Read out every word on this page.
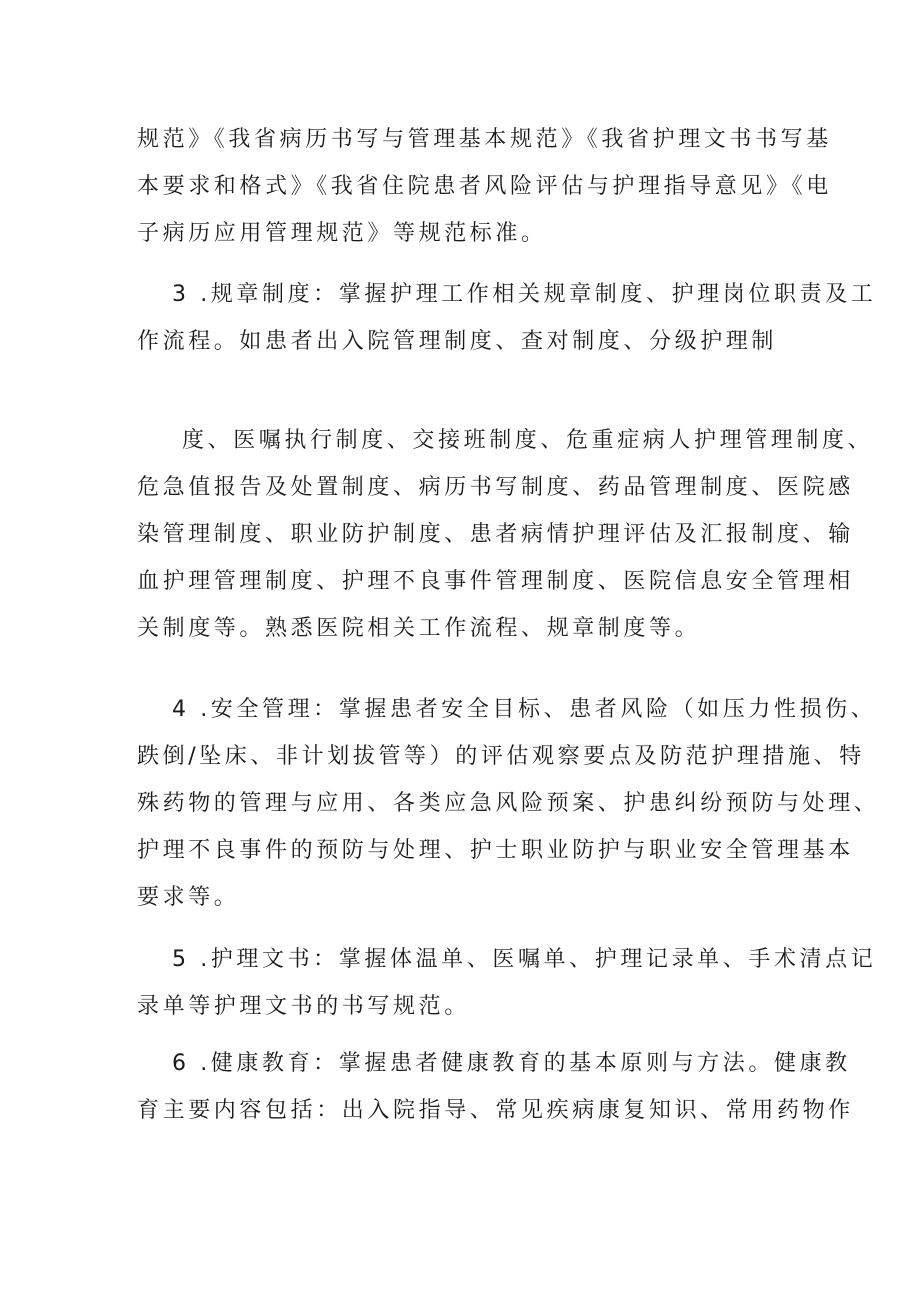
规范》《我省病历书写与管理基本规范》《我省护理文书书写基
本要求和格式》《我省住院患者风险评估与护理指导意见》《电
子病历应用管理规范》等规范标准。
3 .规章制度：掌握护理工作相关规章制度、护理岗位职责及工
作流程。如患者出入院管理制度、查对制度、分级护理制
度、医嘱执行制度、交接班制度、危重症病人护理管理制度、
危急值报告及处置制度、病历书写制度、药品管理制度、医院感
染管理制度、职业防护制度、患者病情护理评估及汇报制度、输
血护理管理制度、护理不良事件管理制度、医院信息安全管理相
关制度等。熟悉医院相关工作流程、规章制度等。
4 .安全管理：掌握患者安全目标、患者风险（如压力性损伤、
跌倒/坠床、非计划拔管等）的评估观察要点及防范护理措施、特
殊药物的管理与应用、各类应急风险预案、护患纠纷预防与处理、
护理不良事件的预防与处理、护士职业防护与职业安全管理基本
要求等。
5 .护理文书：掌握体温单、医嘱单、护理记录单、手术清点记
录单等护理文书的书写规范。
6 .健康教育：掌握患者健康教育的基本原则与方法。健康教
育主要内容包括：出入院指导、常见疾病康复知识、常用药物作
